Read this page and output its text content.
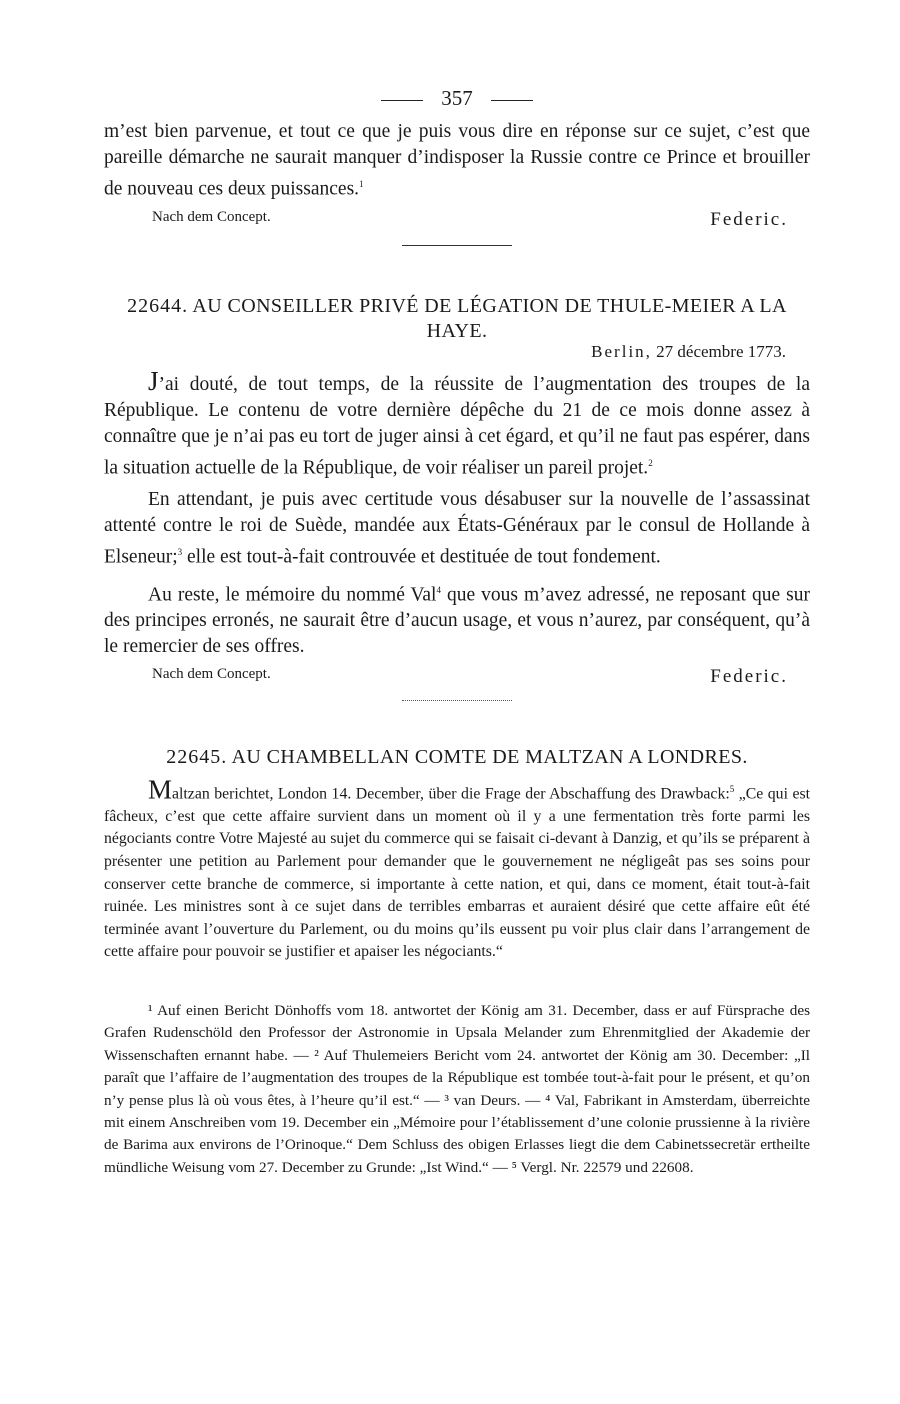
357

m’est bien parvenue, et tout ce que je puis vous dire en réponse sur ce sujet, c’est que pareille démarche ne saurait manquer d’indisposer la Russie contre ce Prince et brouiller de nouveau ces deux puissances.$^1$

Nach dem Concept.	Federic.
22644. AU CONSEILLER PRIVÉ DE LÉGATION DE THULE-MEIER A LA HAYE.
Berlin, 27 décembre 1773.

J’ai douté, de tout temps, de la réussite de l’augmentation des troupes de la République. Le contenu de votre dernière dépêche du 21 de ce mois donne assez à connaître que je n’ai pas eu tort de juger ainsi à cet égard, et qu’il ne faut pas espérer, dans la situation actuelle de la République, de voir réaliser un pareil projet.$^2$

En attendant, je puis avec certitude vous désabuser sur la nouvelle de l’assassinat attenté contre le roi de Suède, mandée aux États-Généraux par le consul de Hollande à Elseneur;$^3$ elle est tout-à-fait controuvée et destituée de tout fondement.

Au reste, le mémoire du nommé Val$^4$ que vous m’avez adressé, ne reposant que sur des principes erronés, ne saurait être d’aucun usage, et vous n’aurez, par conséquent, qu’à le remercier de ses offres.

Nach dem Concept.	Federic.
22645. AU CHAMBELLAN COMTE DE MALTZAN A LONDRES.

Maltzan berichtet, London 14. December, über die Frage der Abschaffung des Drawback:$^5$ „Ce qui est fâcheux, c’est que cette affaire survient dans un moment où il y a une fermentation très forte parmi les négociants contre Votre Majesté au sujet du commerce qui se faisait ci-devant à Danzig, et qu’ils se préparent à présenter une petition au Parlement pour demander que le gouvernement ne négligeât pas ses soins pour conserver cette branche de commerce, si importante à cette nation, et qui, dans ce moment, était tout-à-fait ruinée. Les ministres sont à ce sujet dans de terribles embarras et auraient désiré que cette affaire eût été terminée avant l’ouverture du Parlement, ou du moins qu’ils eussent pu voir plus clair dans l’arrangement de cette affaire pour pouvoir se justifier et apaiser les négociants.“

¹ Auf einen Bericht Dönhoffs vom 18. antwortet der König am 31. December, dass er auf Fürsprache des Grafen Rudenschöld den Professor der Astronomie in Upsala Melander zum Ehrenmitglied der Akademie der Wissenschaften ernannt habe. — ² Auf Thulemeiers Bericht vom 24. antwortet der König am 30. December: „Il paraît que l’affaire de l’augmentation des troupes de la République est tombée tout-à-fait pour le présent, et qu’on n’y pense plus là où vous êtes, à l’heure qu’il est.“ — ³ van Deurs. — ⁴ Val, Fabrikant in Amsterdam, überreichte mit einem Anschreiben vom 19. December ein „Mémoire pour l’établissement d’une colonie prussienne à la rivière de Barima aux environs de l’Orinoque.“ Dem Schluss des obigen Erlasses liegt die dem Cabinetssecretär ertheilte mündliche Weisung vom 27. December zu Grunde: „Ist Wind.“ — ⁵ Vergl. Nr. 22579 und 22608.
